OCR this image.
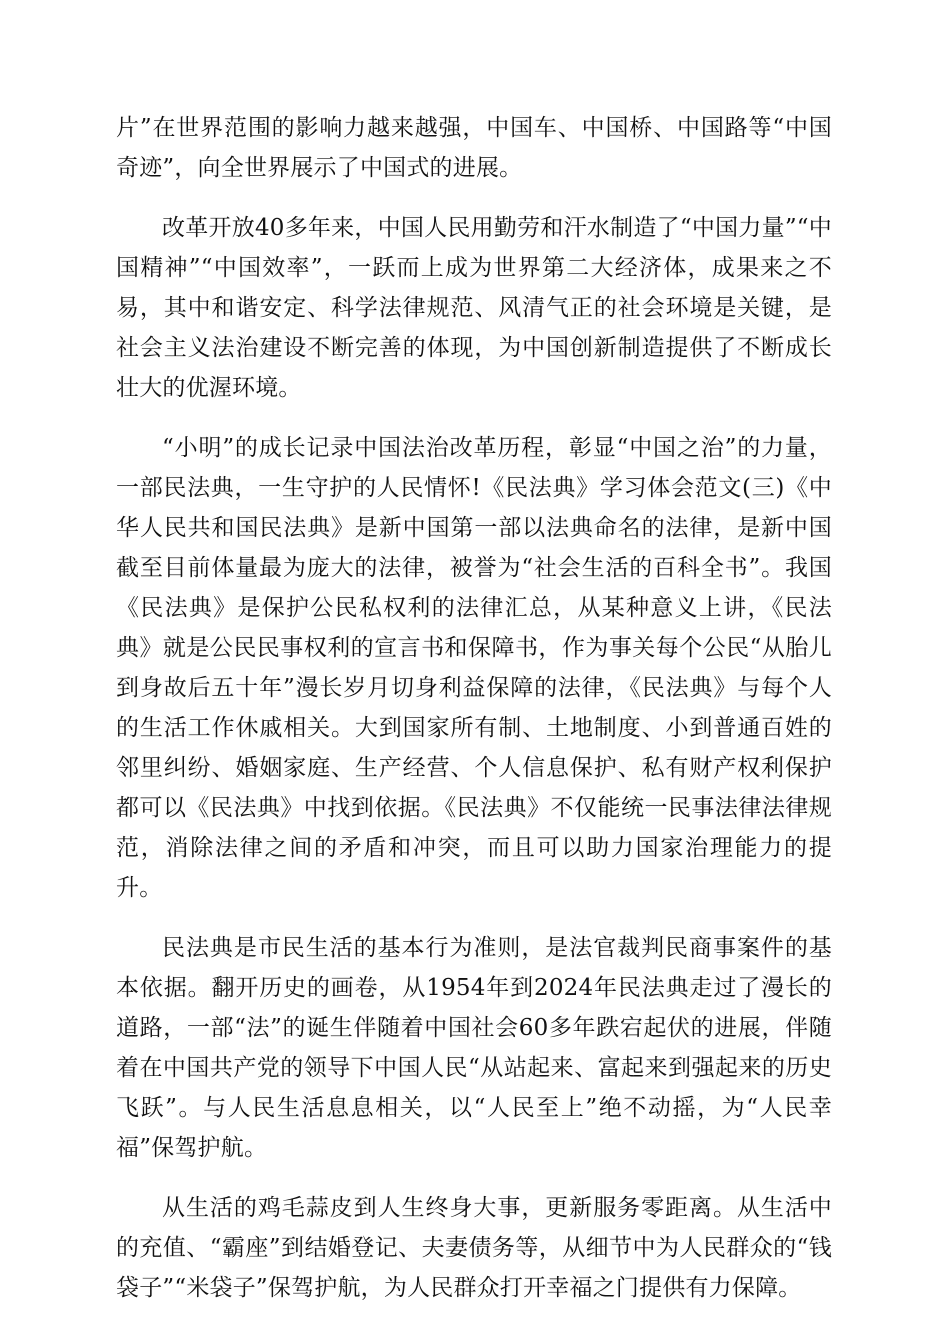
片”在世界范围的影响力越来越强，中国车、中国桥、中国路等“中国奇迹”，向全世界展示了中国式的进展。

改革开放40多年来，中国人民用勤劳和汗水制造了“中国力量”“中国精神”“中国效率”，一跃而上成为世界第二大经济体，成果来之不易，其中和谐安定、科学法律规范、风清气正的社会环境是关键，是社会主义法治建设不断完善的体现，为中国创新制造提供了不断成长壮大的优渥环境。

“小明”的成长记录中国法治改革历程，彰显“中国之治”的力量，一部民法典，一生守护的人民情怀!《民法典》学习体会范文(三)《中华人民共和国民法典》是新中国第一部以法典命名的法律，是新中国截至目前体量最为庞大的法律，被誉为“社会生活的百科全书”。我国《民法典》是保护公民私权利的法律汇总，从某种意义上讲，《民法典》就是公民民事权利的宣言书和保障书，作为事关每个公民“从胎儿到身故后五十年”漫长岁月切身利益保障的法律，《民法典》与每个人的生活工作休戚相关。大到国家所有制、土地制度、小到普通百姓的邻里纠纷、婚姻家庭、生产经营、个人信息保护、私有财产权利保护都可以《民法典》中找到依据。《民法典》不仅能统一民事法律法律规范，消除法律之间的矛盾和冲突，而且可以助力国家治理能力的提升。

民法典是市民生活的基本行为准则，是法官裁判民商事案件的基本依据。翻开历史的画卷，从1954年到2024年民法典走过了漫长的道路，一部“法”的诞生伴随着中国社会60多年跌宕起伏的进展，伴随着在中国共产党的领导下中国人民“从站起来、富起来到强起来的历史飞跃”。与人民生活息息相关，以“人民至上”绝不动摇，为“人民幸福”保驾护航。

从生活的鸡毛蒜皮到人生终身大事，更新服务零距离。从生活中的充值、“霸座”到结婚登记、夫妻债务等，从细节中为人民群众的“钱袋子”“米袋子”保驾护航，为人民群众打开幸福之门提供有力保障。
